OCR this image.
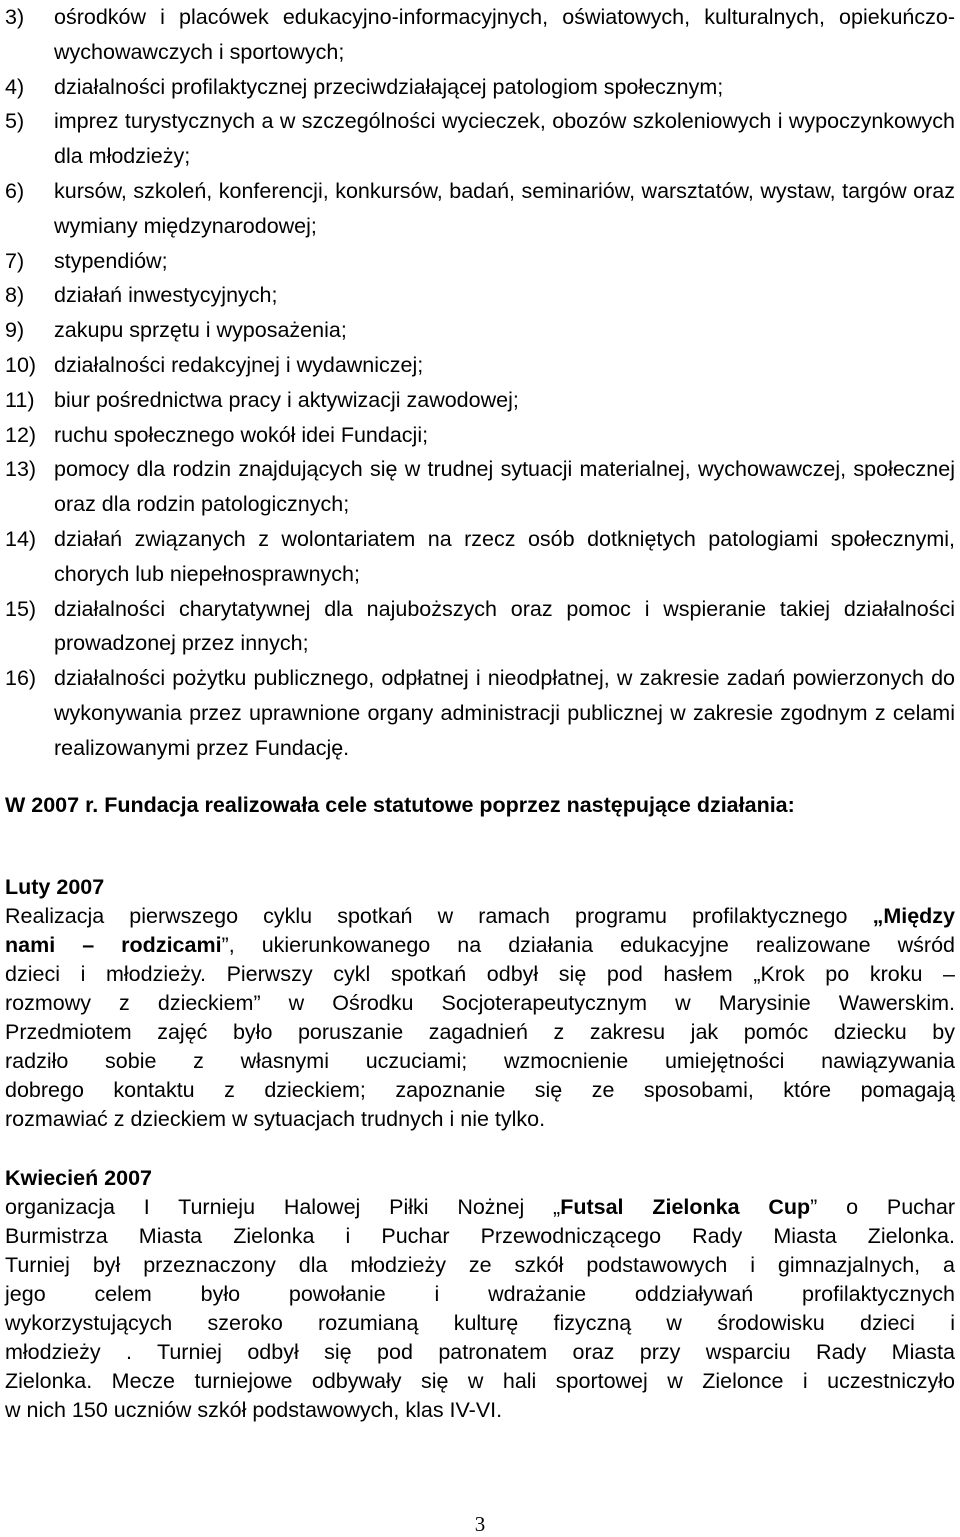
3) ośrodków i placówek edukacyjno-informacyjnych, oświatowych, kulturalnych, opiekuńczo-wychowawczych i sportowych;
4) działalności profilaktycznej przeciwdziałającej patologiom społecznym;
5) imprez turystycznych a w szczególności wycieczek, obozów szkoleniowych i wypoczynkowych dla młodzieży;
6) kursów, szkoleń, konferencji, konkursów, badań, seminariów, warsztatów, wystaw, targów oraz wymiany międzynarodowej;
7) stypendiów;
8) działań inwestycyjnych;
9) zakupu sprzętu i wyposażenia;
10) działalności redakcyjnej i wydawniczej;
11) biur pośrednictwa pracy i aktywizacji zawodowej;
12) ruchu społecznego wokół idei Fundacji;
13) pomocy dla rodzin znajdujących się w trudnej sytuacji materialnej, wychowawczej, społecznej oraz dla rodzin patologicznych;
14) działań związanych z wolontariatem na rzecz osób dotkniętych patologiami społecznymi, chorych lub niepełnosprawnych;
15) działalności charytatywnej dla najuboższych oraz pomoc i wspieranie takiej działalności prowadzonej przez innych;
16) działalności pożytku publicznego, odpłatnej i nieodpłatnej, w zakresie zadań powierzonych do wykonywania przez uprawnione organy administracji publicznej w zakresie zgodnym z celami realizowanymi przez Fundację.
W 2007 r. Fundacja realizowała cele statutowe poprzez następujące działania:
Luty 2007
Realizacja pierwszego cyklu spotkań w ramach programu profilaktycznego „Między
nami – rodzicami”, ukierunkowanego na działania edukacyjne realizowane wśród
dzieci i młodzieży. Pierwszy cykl spotkań odbył się pod hasłem „Krok po kroku –
rozmowy z dzieckiem” w Ośrodku Socjoterapeutycznym w Marysinie Wawerskim.
Przedmiotem zajęć było poruszanie zagadnień z zakresu jak pomóc dziecku by
radziło sobie z własnymi uczuciami; wzmocnienie umiejętności nawiązywania
dobrego kontaktu z dzieckiem; zapoznanie się ze sposobami, które pomagają
rozmawiać z dzieckiem w sytuacjach trudnych i nie tylko.
Kwiecień 2007
organizacja I Turnieju Halowej Piłki Nożnej „Futsal Zielonka Cup” o Puchar
Burmistrza Miasta Zielonka i Puchar Przewodniczącego Rady Miasta Zielonka.
Turniej był przeznaczony dla młodzieży ze szkół podstawowych i gimnazjalnych, a
jego celem było powołanie i wdrażanie oddziaływań profilaktycznych
wykorzystujących szeroko rozumianą kulturę fizyczną w środowisku dzieci i
młodzieży . Turniej odbył się pod patronatem oraz przy wsparciu Rady Miasta
Zielonka. Mecze turniejowe odbywały się w hali sportowej w Zielonce i uczestniczyło
w nich 150 uczniów szkół podstawowych, klas IV-VI.
3
